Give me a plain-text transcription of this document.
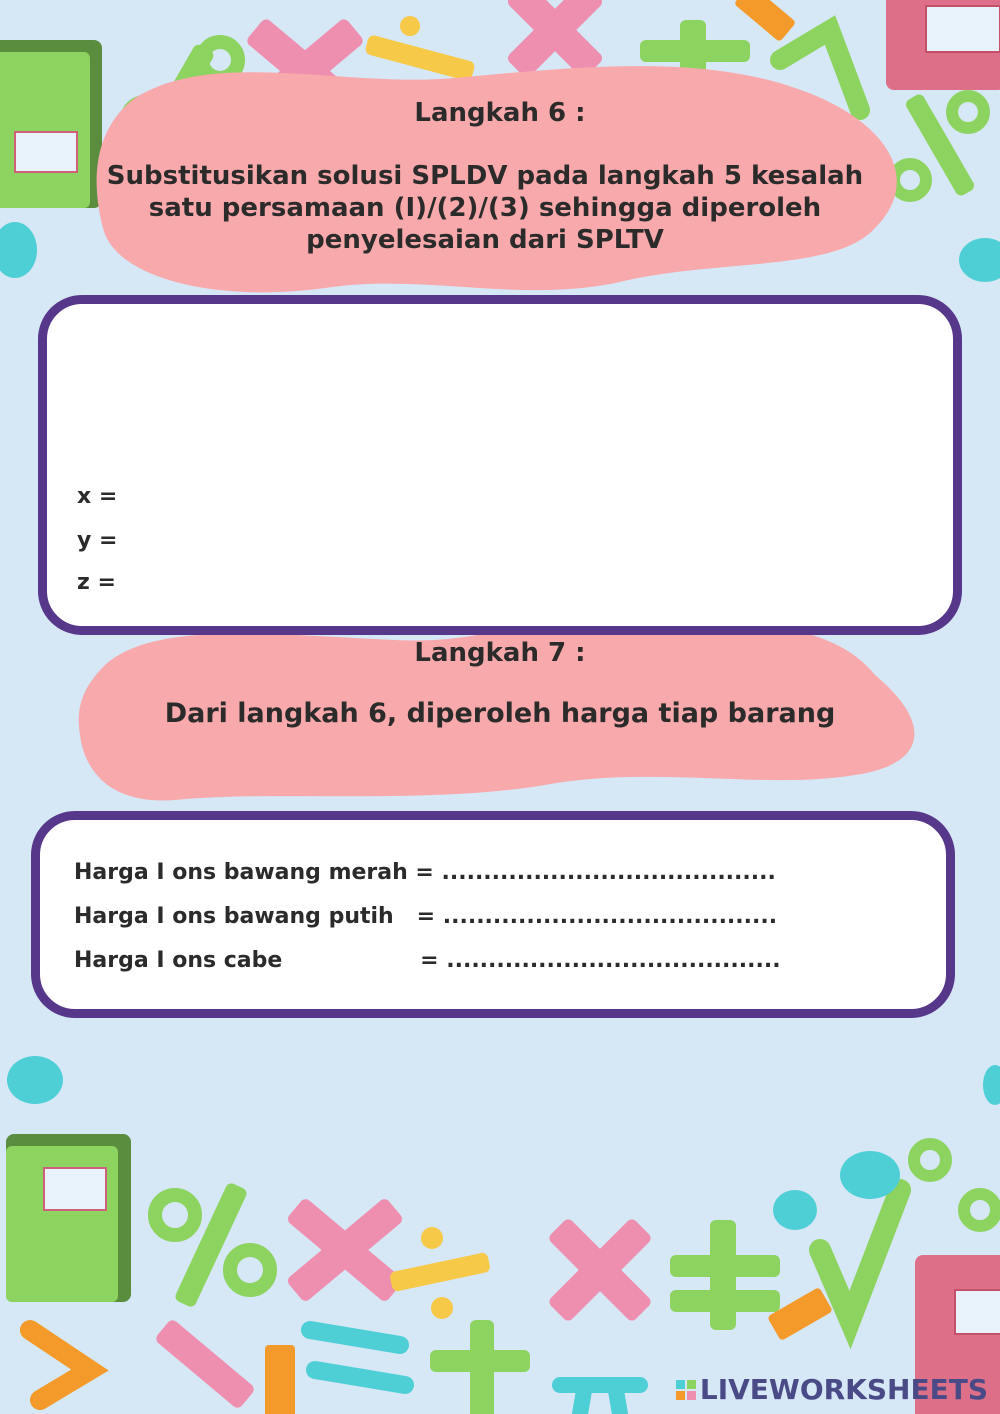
Langkah 6 :
Substitusikan solusi SPLDV pada langkah 5 kesalah satu persamaan (I)/(2)/(3) sehingga diperoleh penyelesaian dari SPLTV
x =
y =
z =
Langkah 7 :
Dari langkah 6, diperoleh harga tiap barang
Harga I ons bawang merah = ........................................
Harga I ons bawang putih   = ........................................
Harga I ons cabe                  = ........................................
LIVEWORKSHEETS
